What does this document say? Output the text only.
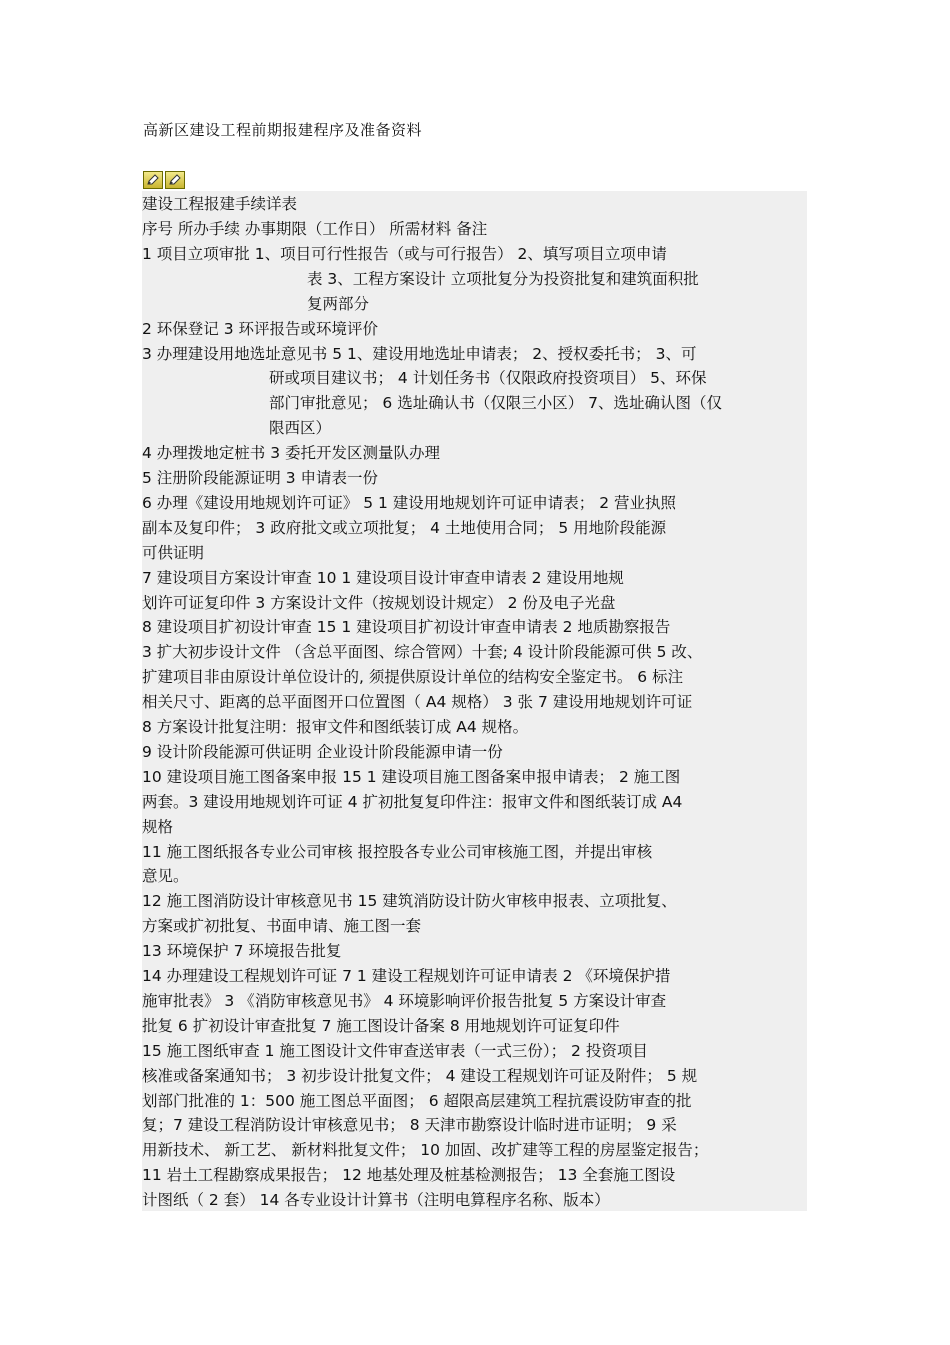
高新区建设工程前期报建程序及准备资料
建设工程报建手续详表
序号 所办手续 办事期限（工作日） 所需材料 备注
1 项目立项审批 1、项目可行性报告（或与可行报告） 2、填写项目立项申请
表 3、工程方案设计 立项批复分为投资批复和建筑面积批
复两部分
2 环保登记 3 环评报告或环境评价
3 办理建设用地选址意见书 5 1、建设用地选址申请表； 2、授权委托书； 3、可
研或项目建议书； 4 计划任务书（仅限政府投资项目） 5、环保
部门审批意见； 6 选址确认书（仅限三小区） 7、选址确认图（仅
限西区）
4 办理拨地定桩书 3 委托开发区测量队办理
5 注册阶段能源证明 3 申请表一份
6 办理《建设用地规划许可证》 5 1 建设用地规划许可证申请表； 2 营业执照
副本及复印件； 3 政府批文或立项批复； 4 土地使用合同； 5 用地阶段能源
可供证明
7 建设项目方案设计审查 10 1 建设项目设计审查申请表 2 建设用地规
划许可证复印件 3 方案设计文件（按规划设计规定） 2 份及电子光盘
8 建设项目扩初设计审查 15 1 建设项目扩初设计审查申请表 2 地质勘察报告
3 扩大初步设计文件 （含总平面图、综合管网）十套; 4 设计阶段能源可供 5 改、
扩建项目非由原设计单位设计的, 须提供原设计单位的结构安全鉴定书。 6 标注
相关尺寸、距离的总平面图开口位置图（ A4 规格） 3 张 7 建设用地规划许可证
8 方案设计批复注明：报审文件和图纸装订成 A4 规格。
9 设计阶段能源可供证明 企业设计阶段能源申请一份
10 建设项目施工图备案申报 15 1 建设项目施工图备案申报申请表； 2 施工图
两套。3 建设用地规划许可证 4 扩初批复复印件注：报审文件和图纸装订成 A4
规格
11 施工图纸报各专业公司审核 报控股各专业公司审核施工图，并提出审核
意见。
12 施工图消防设计审核意见书 15 建筑消防设计防火审核申报表、立项批复、
方案或扩初批复、书面申请、施工图一套
13 环境保护 7 环境报告批复
14 办理建设工程规划许可证 7 1 建设工程规划许可证申请表 2 《环境保护措
施审批表》 3 《消防审核意见书》 4 环境影响评价报告批复 5 方案设计审查
批复 6 扩初设计审查批复 7 施工图设计备案 8 用地规划许可证复印件
15 施工图纸审查 1 施工图设计文件审查送审表（一式三份）； 2 投资项目
核准或备案通知书； 3 初步设计批复文件； 4 建设工程规划许可证及附件； 5 规
划部门批准的 1：500 施工图总平面图； 6 超限高层建筑工程抗震设防审查的批
复；7 建设工程消防设计审核意见书； 8 天津市勘察设计临时进市证明； 9 采
用新技术、 新工艺、 新材料批复文件； 10 加固、改扩建等工程的房屋鉴定报告；
11 岩土工程勘察成果报告； 12 地基处理及桩基检测报告； 13 全套施工图设
计图纸（ 2 套） 14 各专业设计计算书（注明电算程序名称、版本）
